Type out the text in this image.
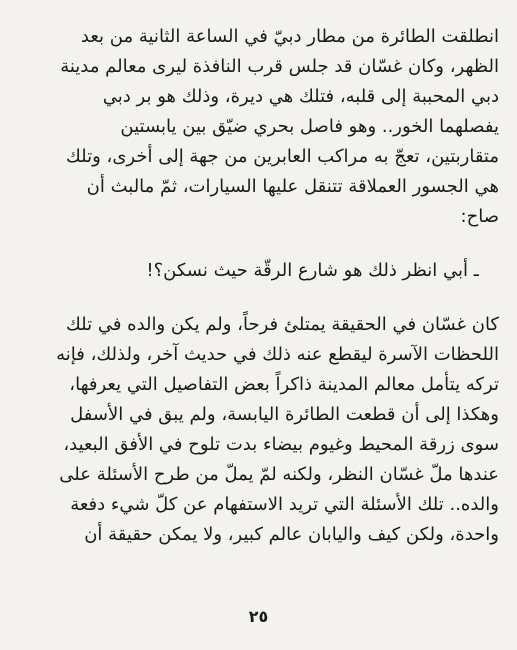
انطلقت الطائرة من مطار دبيّ في الساعة الثانية من بعد
الظهر، وكان غسّان قد جلس قرب النافذة ليرى معالم مدينة
دبي المحببة إلى قلبه، فتلك هي ديرة، وذلك هو بر دبي
يفصلهما الخور.. وهو فاصل بحري ضيّق بين يابستين
متقاربتين، تعجّ به مراكب العابرين من جهة إلى أخرى، وتلك
هي الجسور العملاقة تتنقل عليها السيارات، ثمّ مالبث أن
صاح:

ـ أبي انظر ذلك هو شارع الرقّة حيث نسكن؟!

كان غسّان في الحقيقة يمتلئ فرحاً، ولم يكن والده في تلك
اللحظات الآسرة ليقطع عنه ذلك في حديث آخر، ولذلك، فإنه
تركه يتأمل معالم المدينة ذاكراً بعض التفاصيل التي يعرفها،
وهكذا إلى أن قطعت الطائرة اليابسة، ولم يبق في الأسفل
سوى زرقة المحيط وغيوم بيضاء بدت تلوح في الأفق البعيد،
عندها ملّ غسّان النظر، ولكنه لمّ يملّ من طرح الأسئلة على
والده.. تلك الأسئلة التي تريد الاستفهام عن كلّ شيء دفعة
واحدة، ولكن كيف واليابان عالم كبير، ولا يمكن حقيقة أن

٢٥
